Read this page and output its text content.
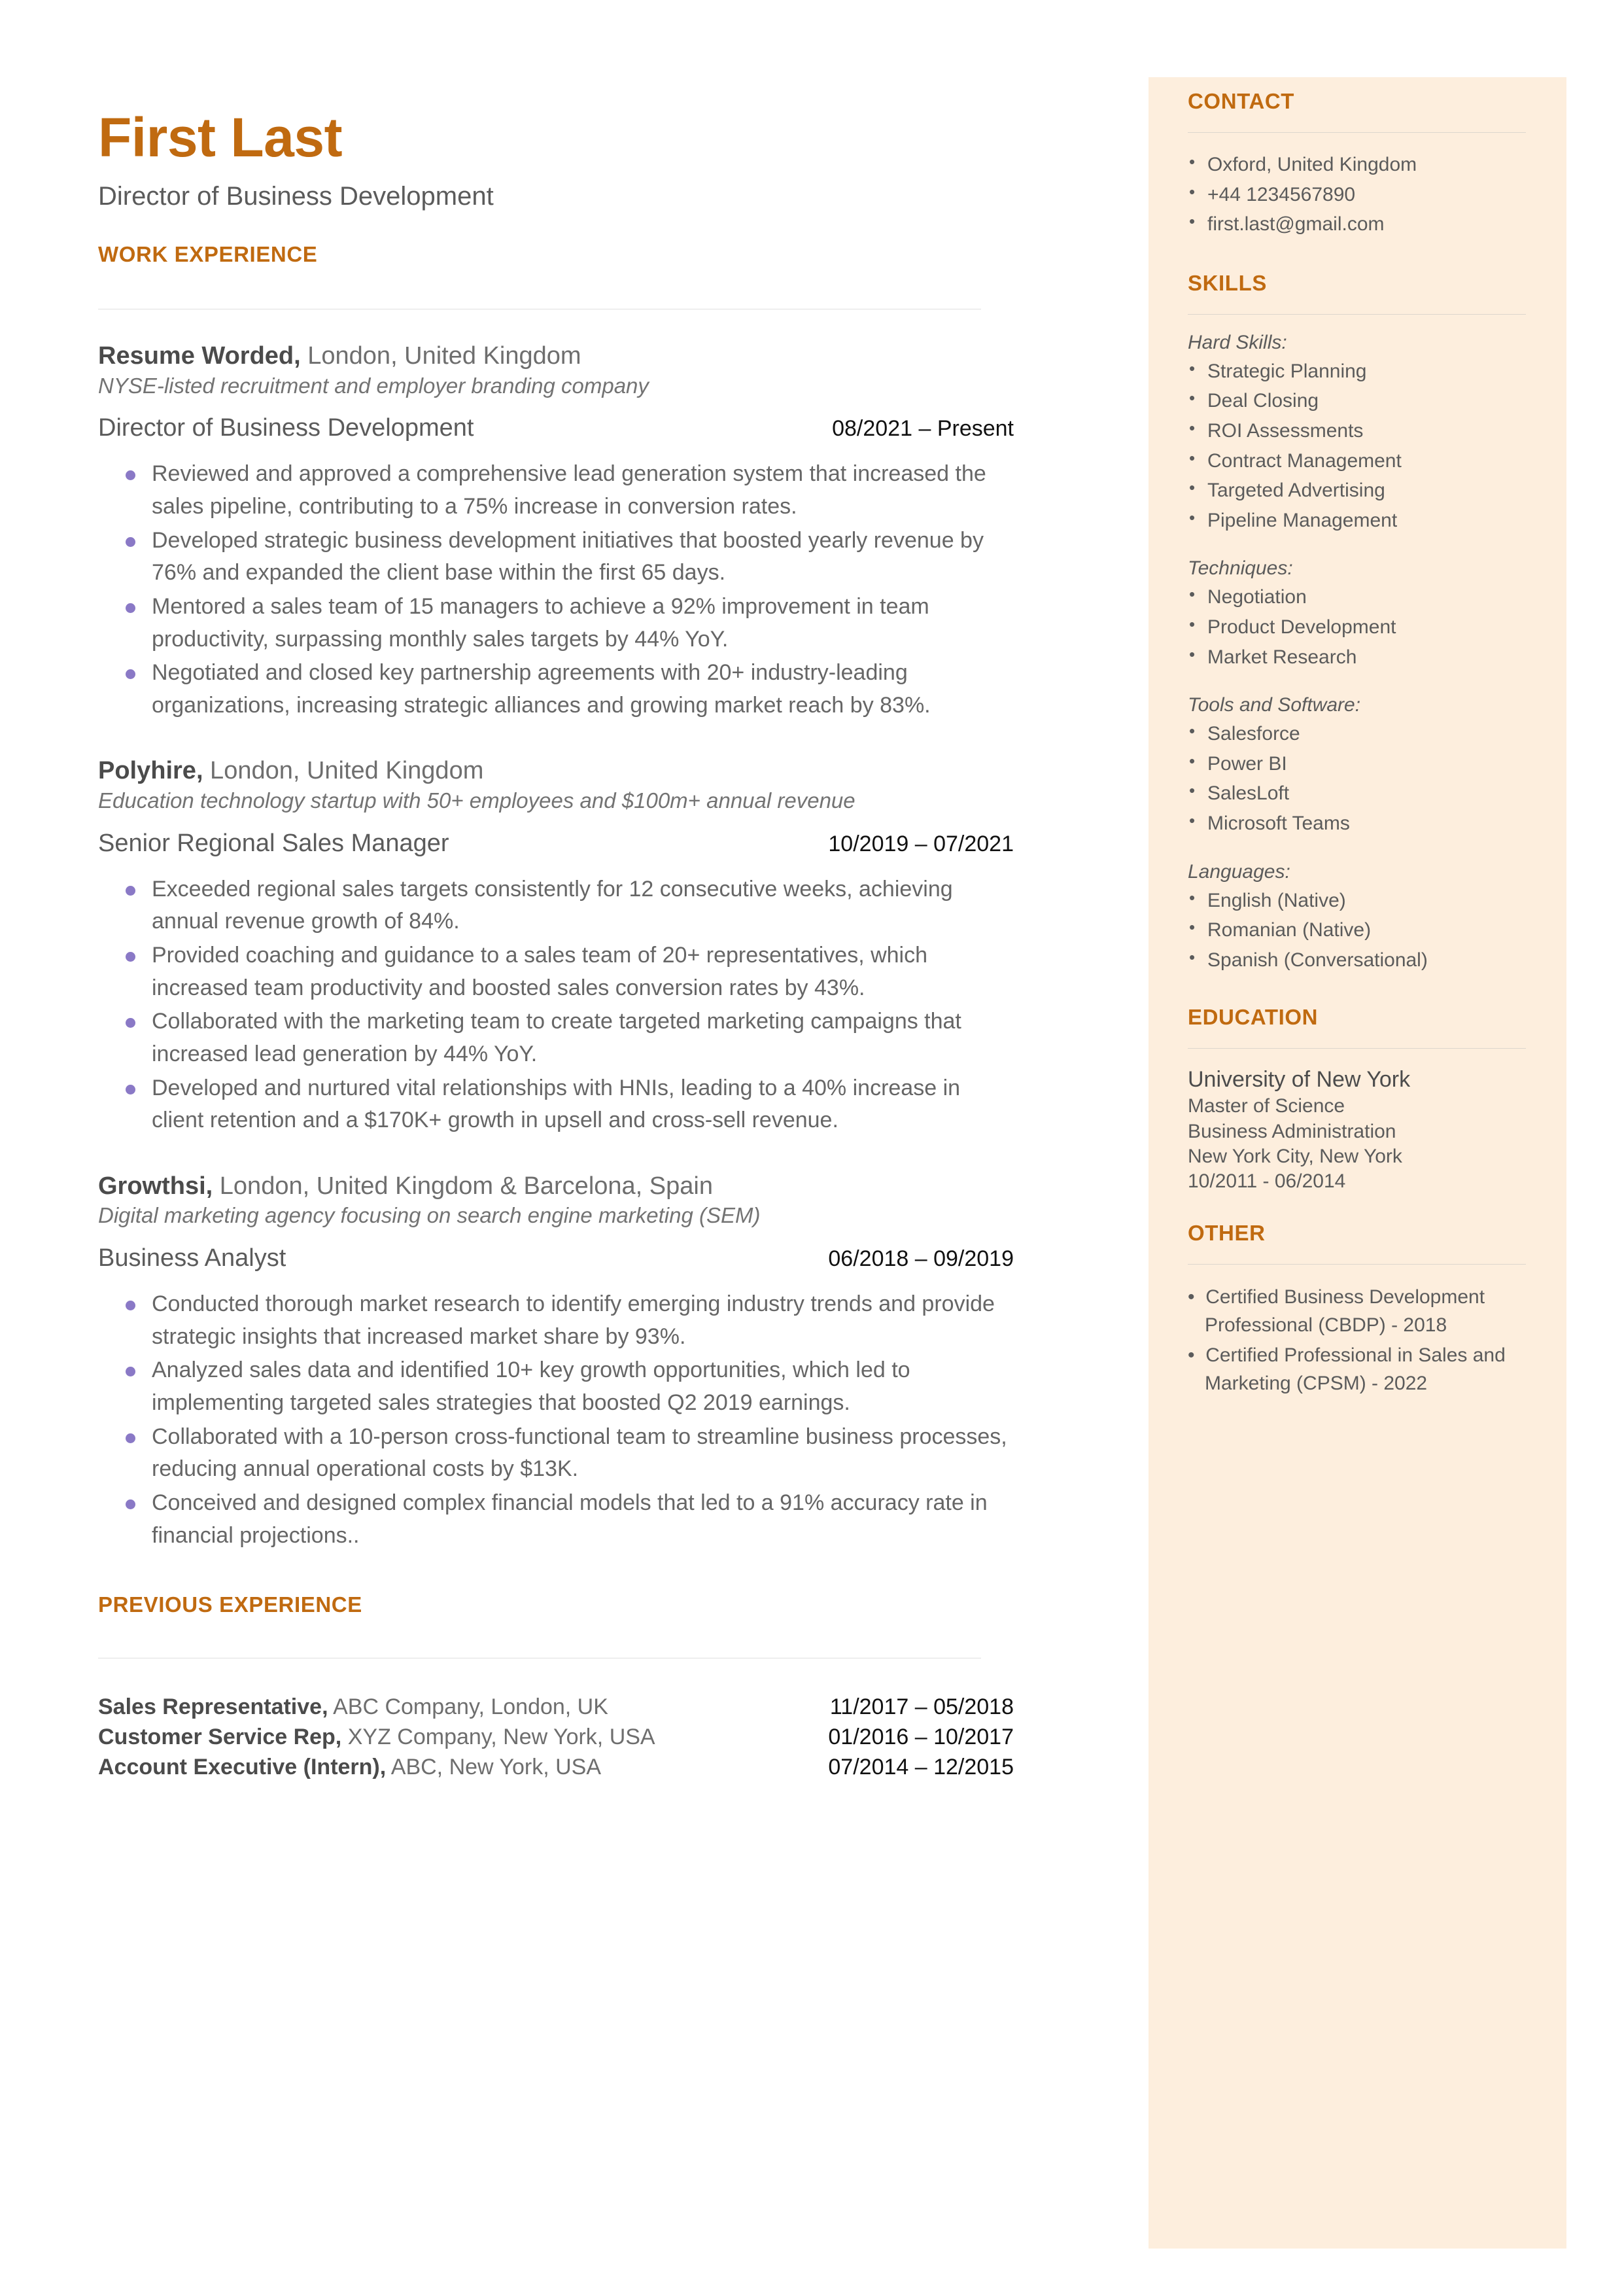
CONTACT
• Oxford, United Kingdom
• +44 1234567890
• first.last@gmail.com
SKILLS

Hard Skills:

• Strategic Planning
• Deal Closing
• ROI Assessments
• Contract Management
• Targeted Advertising
• Pipeline Management

Techniques:

• Negotiation
• Product Development
• Market Research

Tools and Software:

• Salesforce
• Power BI
• SalesLoft
• Microsoft Teams

Languages:

• English (Native)
• Romanian (Native)
• Spanish (Conversational)
EDUCATION

University of New York

Master of Science

Business Administration

New York City, New York

10/2011 - 06/2014

OTHER
•  Certified Business Development Professional (CBDP) - 2018
•  Certified Professional in Sales and Marketing (CPSM) - 2022
First Last

Director of Business Development

WORK EXPERIENCE

Resume Worded, London, United Kingdom

NYSE-listed recruitment and employer branding company

Director of Business Development	08/2021 – Present
Reviewed and approved a comprehensive lead generation system that increased the sales pipeline, contributing to a 75% increase in conversion rates.
Developed strategic business development initiatives that boosted yearly revenue by 76% and expanded the client base within the first 65 days.
Mentored a sales team of 15 managers to achieve a 92% improvement in team productivity, surpassing monthly sales targets by 44% YoY.
Negotiated and closed key partnership agreements with 20+ industry-leading organizations, increasing strategic alliances and growing market reach by 83%.

Polyhire, London, United Kingdom

Education technology startup with 50+ employees and $100m+ annual revenue

Senior Regional Sales Manager	10/2019 – 07/2021
Exceeded regional sales targets consistently for 12 consecutive weeks, achieving annual revenue growth of 84%.
Provided coaching and guidance to a sales team of 20+ representatives, which increased team productivity and boosted sales conversion rates by 43%.
Collaborated with the marketing team to create targeted marketing campaigns that increased lead generation by 44% YoY.
Developed and nurtured vital relationships with HNIs, leading to a 40% increase in client retention and a $170K+ growth in upsell and cross-sell revenue.

Growthsi, London, United Kingdom & Barcelona, Spain

Digital marketing agency focusing on search engine marketing (SEM)

Business Analyst	06/2018 – 09/2019
Conducted thorough market research to identify emerging industry trends and provide strategic insights that increased market share by 93%.
Analyzed sales data and identified 10+ key growth opportunities, which led to implementing targeted sales strategies that boosted Q2 2019 earnings.
Collaborated with a 10-person cross-functional team to streamline business processes, reducing annual operational costs by $13K.
Conceived and designed complex financial models that led to a 91% accuracy rate in financial projections..
PREVIOUS EXPERIENCE
Sales Representative, ABC Company, London, UK	11/2017 – 05/2018
Customer Service Rep, XYZ Company, New York, USA	01/2016 – 10/2017
Account Executive (Intern), ABC, New York, USA	07/2014 – 12/2015
